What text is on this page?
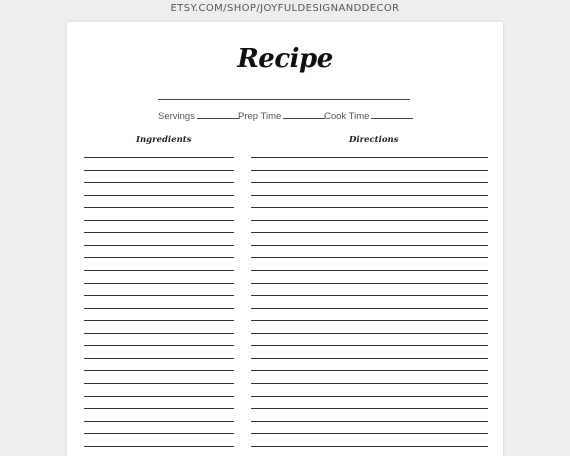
ETSY.COM/SHOP/JOYFULDESIGNANDDECOR
Recipe
Servings	Prep Time	Cook Time
Ingredients	Directions
